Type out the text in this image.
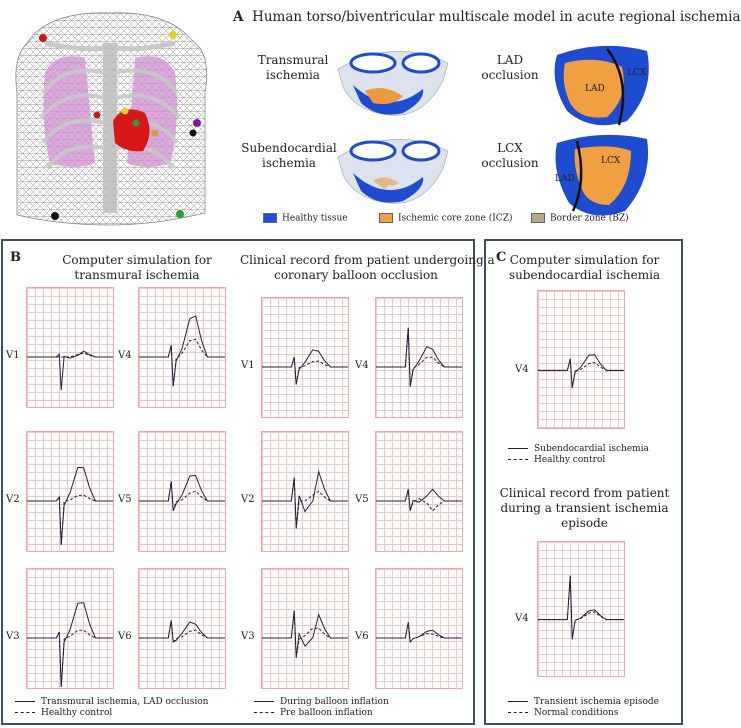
A Human torso/biventricular multiscale model in acute regional ischemia
Transmural
ischemia
Subendocardial
ischemia
LAD
occlusion
LCX
occlusion
LAD
LCX
LCX
LAD
Healthy tissue	Ischemic core zone (ICZ)	Border zone (BZ)
B	Computer simulation for
transmural ischemia
Clinical record from patient undergoing a
coronary balloon occlusion
C Computer simulation for
subendocardial ischemia
Clinical record from patient
during a transient ischemia
episode
V1	V4
V2	V5
V3	V6
V1	V4
V2	V5
V3	V6
V4
V4
Transmural ischemia, LAD occlusion
Healthy control
During balloon inflation
Pre balloon inflation
Subendocardial ischemia
Healthy control
Transient ischemia episode
Normal conditions
